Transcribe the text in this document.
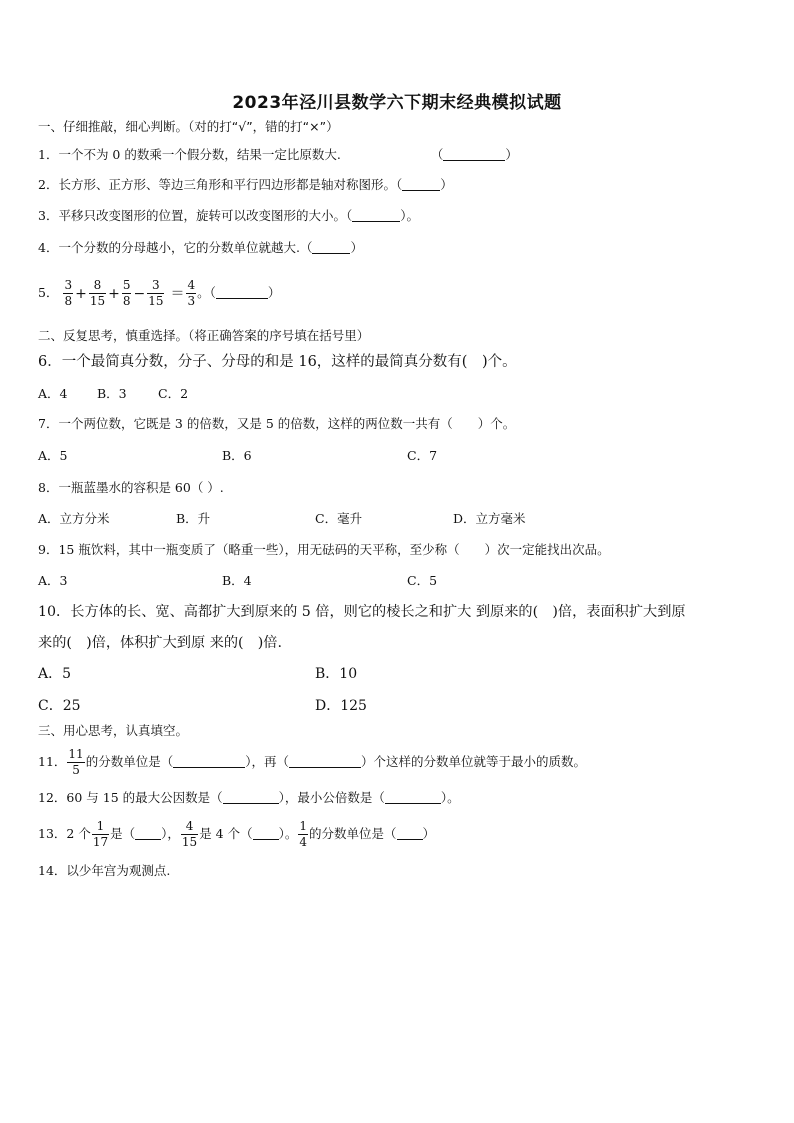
2023年泾川县数学六下期末经典模拟试题
一、仔细推敲，细心判断。（对的打“√”，错的打“×”）
1．一个不为 0 的数乘一个假分数，结果一定比原数大.	（	）
2．长方形、正方形、等边三角形和平行四边形都是轴对称图形。（	）
3．平移只改变图形的位置，旋转可以改变图形的大小。（	）。
4．一个分数的分母越小，它的分数单位就越大.（	）
5． $\frac{3}{8} + \frac{8}{15} + \frac{5}{8} - \frac{3}{15} = \frac{4}{3}$ 。（	）
二、反复思考，慎重选择。（将正确答案的序号填在括号里）
6．一个最简真分数，分子、分母的和是 16，这样的最简真分数有(  )个。
A．4 B．3	C．2
7．一个两位数，它既是 3 的倍数，又是 5 的倍数，这样的两位数一共有（  ）个。
A．5	B．6	C．7
8．一瓶蓝墨水的容积是 60（ ）.
A．立方分米	B．升	C．毫升	D．立方毫米
9．15 瓶饮料，其中一瓶变质了（略重一些），用无砝码的天平称，至少称（  ）次一定能找出次品。
A．3	B．4	C．5
10．长方体的长、宽、高都扩大到原来的 5 倍，则它的棱长之和扩大 到原来的(  )倍，表面积扩大到原
来的(  )倍，体积扩大到原 来的(  )倍.
A．5	B．10
C．25	D．125
三、用心思考，认真填空。
11． $\frac{11}{5}$ 的分数单位是（	），再（	）个这样的分数单位就等于最小的质数。
12．60 与 15 的最大公因数是（	），最小公倍数是（	）。
13．2 个 $\frac{1}{17}$ 是（ ）， $\frac{4}{15}$ 是 4 个（ ）。 $\frac{1}{4}$ 的分数单位是（ ）
14．以少年宫为观测点.
